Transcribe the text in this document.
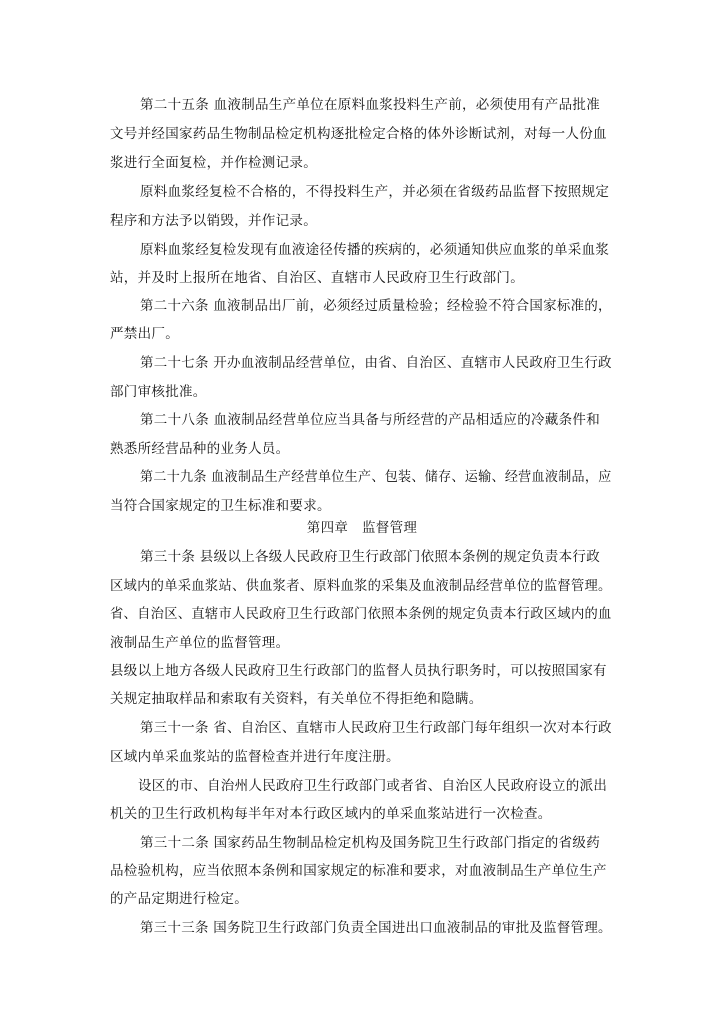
第二十五条 血液制品生产单位在原料血浆投料生产前，必须使用有产品批准
文号并经国家药品生物制品检定机构逐批检定合格的体外诊断试剂，对每一人份血
浆进行全面复检，并作检测记录。
原料血浆经复检不合格的，不得投料生产，并必须在省级药品监督下按照规定
程序和方法予以销毁，并作记录。
原料血浆经复检发现有血液途径传播的疾病的，必须通知供应血浆的单采血浆
站，并及时上报所在地省、自治区、直辖市人民政府卫生行政部门。
第二十六条 血液制品出厂前，必须经过质量检验；经检验不符合国家标准的，
严禁出厂。
第二十七条 开办血液制品经营单位，由省、自治区、直辖市人民政府卫生行政
部门审核批准。
第二十八条 血液制品经营单位应当具备与所经营的产品相适应的冷藏条件和
熟悉所经营品种的业务人员。
第二十九条 血液制品生产经营单位生产、包装、储存、运输、经营血液制品，应
当符合国家规定的卫生标准和要求。
第四章　监督管理
第三十条 县级以上各级人民政府卫生行政部门依照本条例的规定负责本行政
区域内的单采血浆站、供血浆者、原料血浆的采集及血液制品经营单位的监督管理。
省、自治区、直辖市人民政府卫生行政部门依照本条例的规定负责本行政区域内的血
液制品生产单位的监督管理。
县级以上地方各级人民政府卫生行政部门的监督人员执行职务时，可以按照国家有
关规定抽取样品和索取有关资料，有关单位不得拒绝和隐瞒。
第三十一条 省、自治区、直辖市人民政府卫生行政部门每年组织一次对本行政
区域内单采血浆站的监督检查并进行年度注册。
设区的市、自治州人民政府卫生行政部门或者省、自治区人民政府设立的派出
机关的卫生行政机构每半年对本行政区域内的单采血浆站进行一次检查。
第三十二条 国家药品生物制品检定机构及国务院卫生行政部门指定的省级药
品检验机构，应当依照本条例和国家规定的标准和要求，对血液制品生产单位生产
的产品定期进行检定。
第三十三条 国务院卫生行政部门负责全国进出口血液制品的审批及监督管理。
